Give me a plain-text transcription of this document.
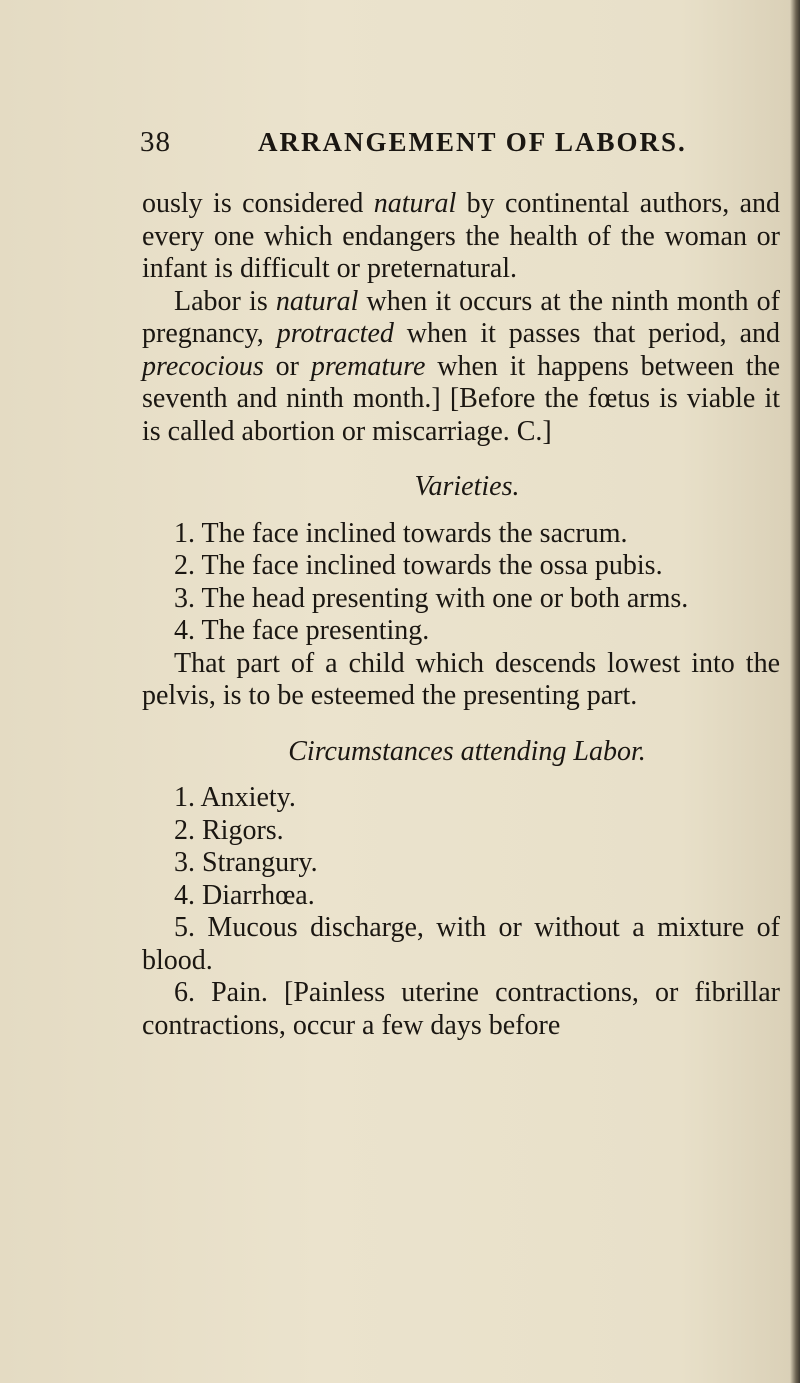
38	ARRANGEMENT OF LABORS.

ously is considered natural by continental authors, and every one which endangers the health of the woman or infant is difficult or preternatural.

Labor is natural when it occurs at the ninth month of pregnancy, protracted when it passes that period, and precocious or premature when it happens between the seventh and ninth month.] [Before the fœtus is viable it is called abortion or miscarriage. C.]

Varieties.

1. The face inclined towards the sacrum.

2. The face inclined towards the ossa pubis.

3. The head presenting with one or both arms.

4. The face presenting.

That part of a child which descends lowest into the pelvis, is to be esteemed the presenting part.

Circumstances attending Labor.

1. Anxiety.

2. Rigors.

3. Strangury.

4. Diarrhœa.

5. Mucous discharge, with or without a mixture of blood.

6. Pain. [Painless uterine contractions, or fibrillar contractions, occur a few days before
